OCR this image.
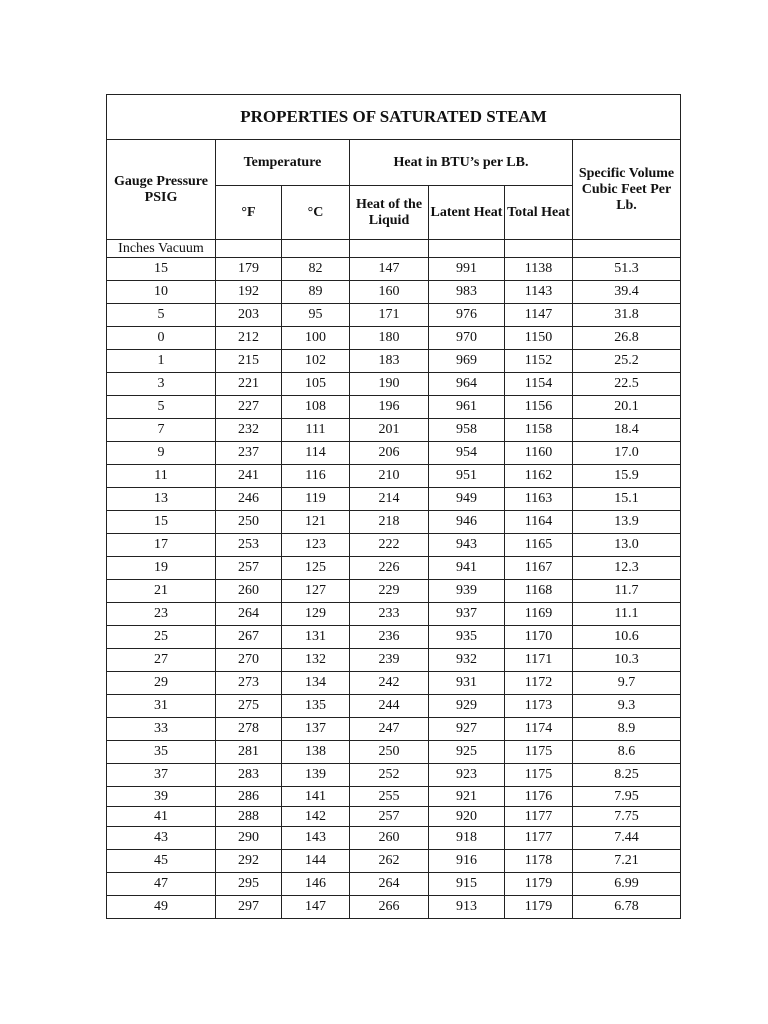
PROPERTIES OF SATURATED STEAM						
Gauge Pressure PSIG	Temperature		Heat in BTU’s per LB.			Specific Volume Cubic Feet Per Lb.
	°F	°C	Heat of the Liquid	Latent Heat	Total Heat	
Inches Vacuum						
15	179	82	147	991	1138	51.3
10	192	89	160	983	1143	39.4
5	203	95	171	976	1147	31.8
0	212	100	180	970	1150	26.8
1	215	102	183	969	1152	25.2
3	221	105	190	964	1154	22.5
5	227	108	196	961	1156	20.1
7	232	111	201	958	1158	18.4
9	237	114	206	954	1160	17.0
11	241	116	210	951	1162	15.9
13	246	119	214	949	1163	15.1
15	250	121	218	946	1164	13.9
17	253	123	222	943	1165	13.0
19	257	125	226	941	1167	12.3
21	260	127	229	939	1168	11.7
23	264	129	233	937	1169	11.1
25	267	131	236	935	1170	10.6
27	270	132	239	932	1171	10.3
29	273	134	242	931	1172	9.7
31	275	135	244	929	1173	9.3
33	278	137	247	927	1174	8.9
35	281	138	250	925	1175	8.6
37	283	139	252	923	1175	8.25
39	286	141	255	921	1176	7.95
41	288	142	257	920	1177	7.75
43	290	143	260	918	1177	7.44
45	292	144	262	916	1178	7.21
47	295	146	264	915	1179	6.99
49	297	147	266	913	1179	6.78
